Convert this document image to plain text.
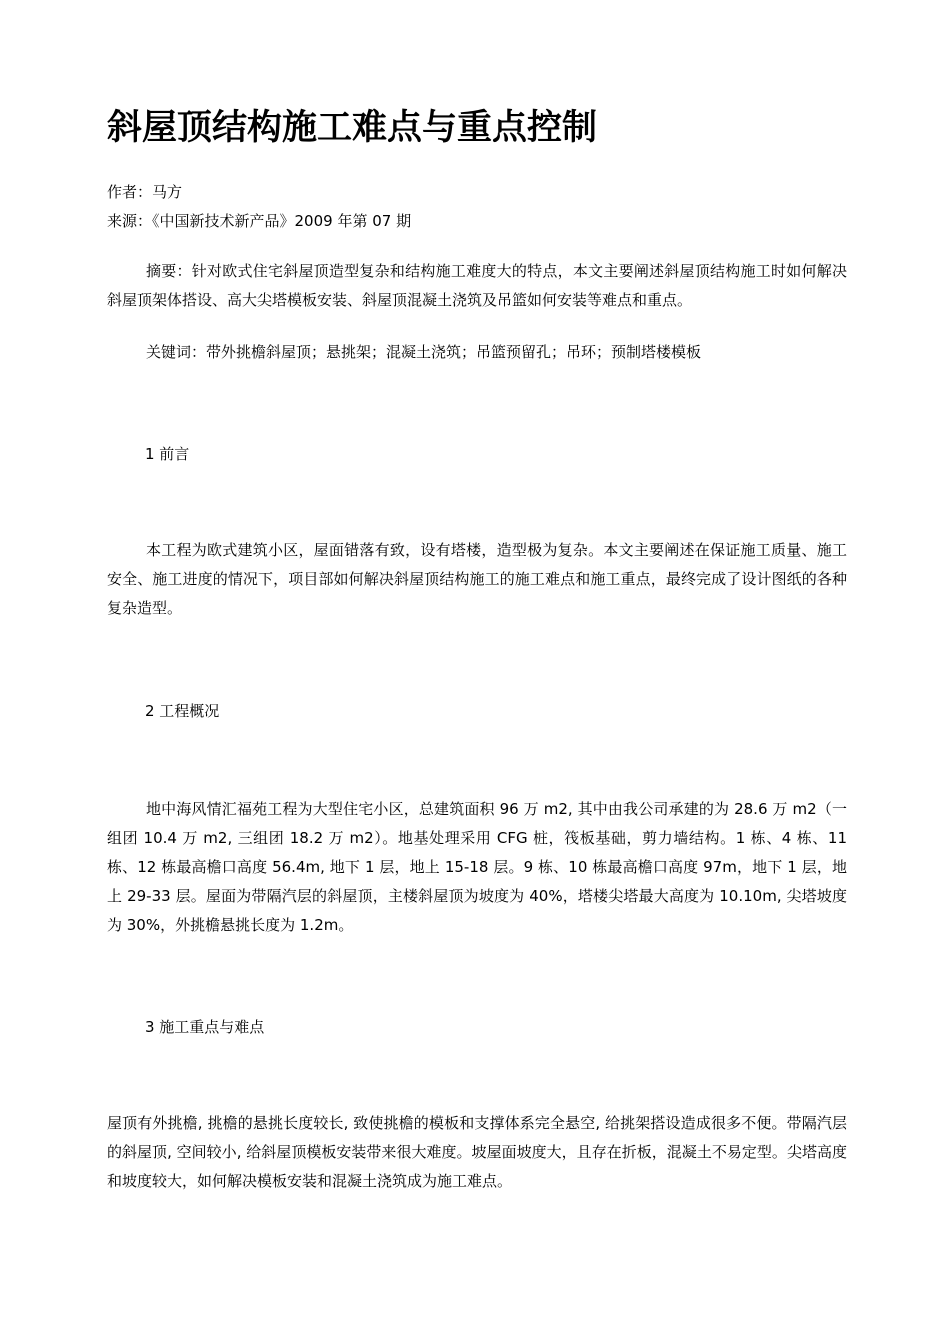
斜屋顶结构施工难点与重点控制
作者：马方
来源：《中国新技术新产品》2009 年第 07 期

摘要：针对欧式住宅斜屋顶造型复杂和结构施工难度大的特点，本文主要阐述斜屋顶结构施工时如何解决斜屋顶架体搭设、高大尖塔模板安装、斜屋顶混凝土浇筑及吊篮如何安装等难点和重点。

关键词：带外挑檐斜屋顶；悬挑架；混凝土浇筑；吊篮预留孔；吊环；预制塔楼模板

1 前言

本工程为欧式建筑小区，屋面错落有致，设有塔楼，造型极为复杂。本文主要阐述在保证施工质量、施工安全、施工进度的情况下，项目部如何解决斜屋顶结构施工的施工难点和施工重点，最终完成了设计图纸的各种复杂造型。

2 工程概况

地中海风情汇福苑工程为大型住宅小区，总建筑面积 96 万 m2, 其中由我公司承建的为 28.6 万 m2（一组团 10.4 万 m2, 三组团 18.2 万 m2）。地基处理采用 CFG 桩，筏板基础，剪力墙结构。1 栋、4 栋、11 栋、12 栋最高檐口高度 56.4m, 地下 1 层，地上 15-18 层。9 栋、10 栋最高檐口高度 97m，地下 1 层，地上 29-33 层。屋面为带隔汽层的斜屋顶，主楼斜屋顶为坡度为 40%，塔楼尖塔最大高度为 10.10m, 尖塔坡度为 30%，外挑檐悬挑长度为 1.2m。

3 施工重点与难点

屋顶有外挑檐, 挑檐的悬挑长度较长, 致使挑檐的模板和支撑体系完全悬空, 给挑架搭设造成很多不便。带隔汽层的斜屋顶, 空间较小, 给斜屋顶模板安装带来很大难度。坡屋面坡度大，且存在折板，混凝土不易定型。尖塔高度和坡度较大，如何解决模板安装和混凝土浇筑成为施工难点。
